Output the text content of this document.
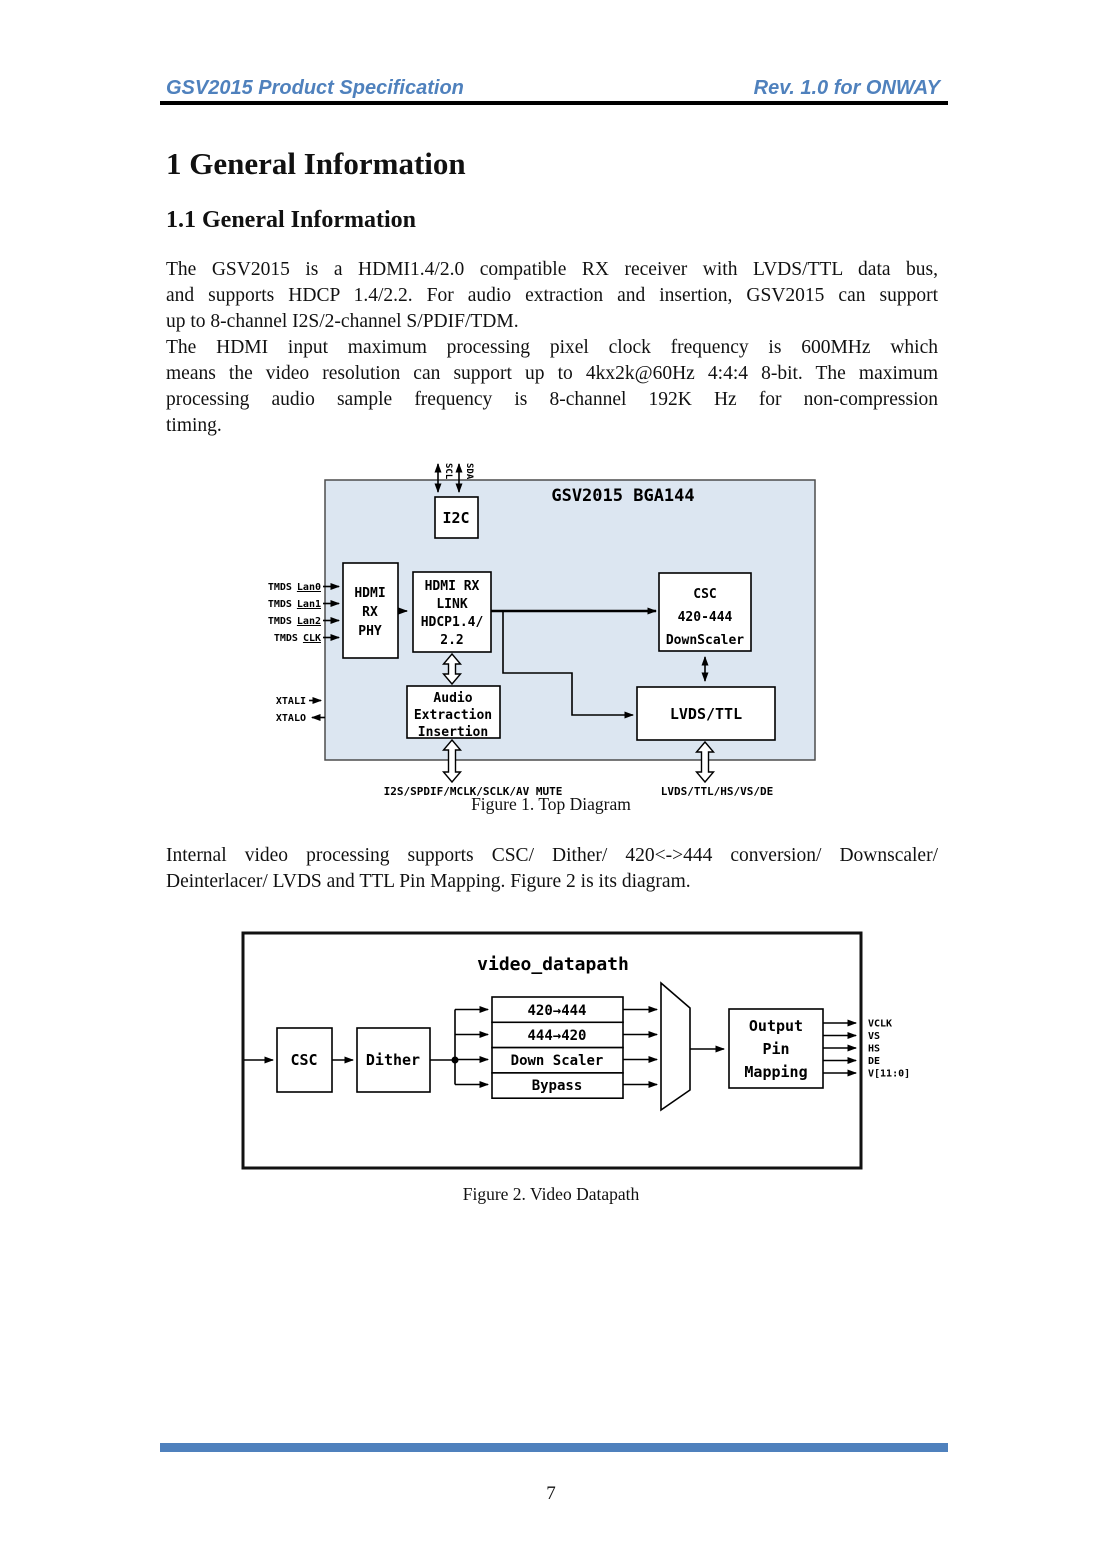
GSV2015 Product Specification	Rev. 1.0 for ONWAY
1 General Information
1.1 General Information
The GSV2015 is a HDMI1.4/2.0 compatible RX receiver with LVDS/TTL data bus,
and supports HDCP 1.4/2.2. For audio extraction and insertion, GSV2015 can support
up to 8-channel I2S/2-channel S/PDIF/TDM.
The HDMI input maximum processing pixel clock frequency is 600MHz which
means the video resolution can support up to 4kx2k@60Hz 4:4:4 8-bit. The maximum
processing audio sample frequency is 8-channel 192K Hz for non-compression
timing.
GSV2015 BGA144
I2C
SCL SDA
HDMI
RX
PHY
TMDS Lan0
TMDS Lan1
TMDS Lan2
TMDS CLK
HDMI RX
LINK
HDCP1.4/
2.2
CSC
420-444
DownScaler
LVDS/TTL
Audio
Extraction
Insertion
XTALI
XTALO
I2S/SPDIF/MCLK/SCLK/AV MUTE	LVDS/TTL/HS/VS/DE
Figure 1. Top Diagram
Internal video processing supports CSC/ Dither/ 420<->444 conversion/ Downscaler/
Deinterlacer/ LVDS and TTL Pin Mapping. Figure 2 is its diagram.
video_datapath
CSC	Dither
420→444
444→420
Down Scaler
Bypass
Output
Pin
Mapping
VCLK
VS
HS
DE
V[11:0]
Figure 2. Video Datapath
7
